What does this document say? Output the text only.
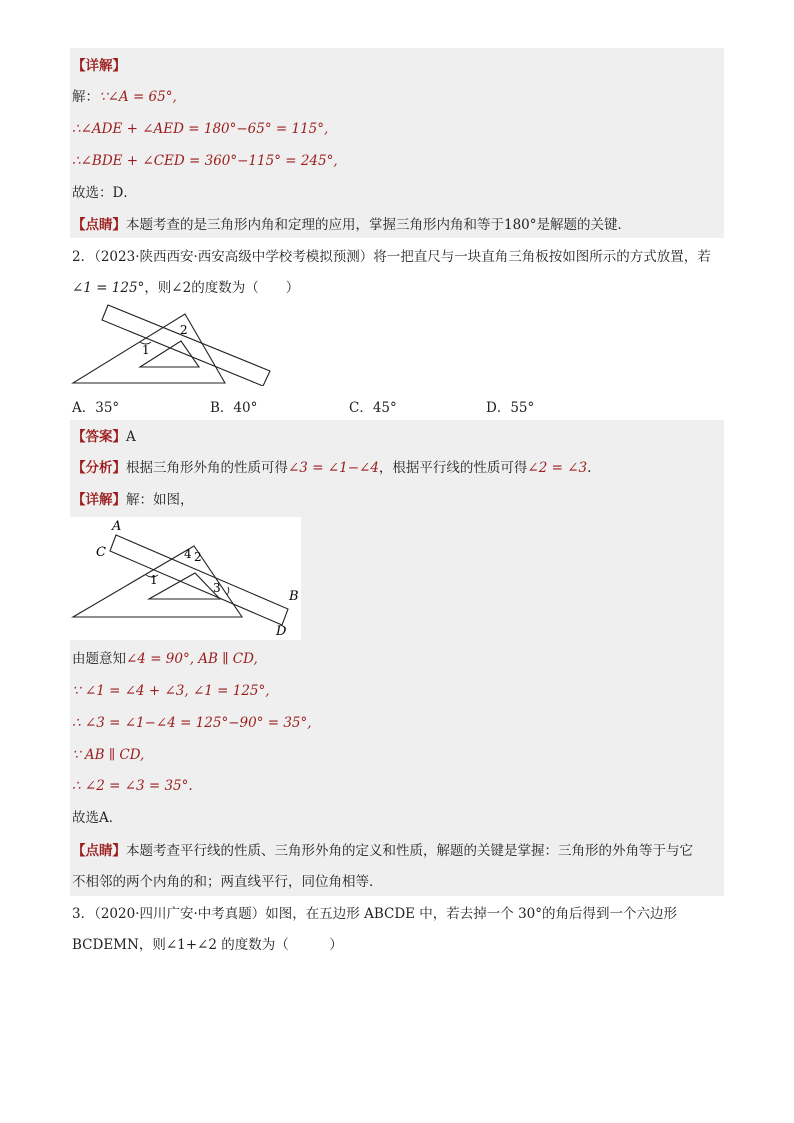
【详解】
解：∵∠A = 65°,
∴∠ADE + ∠AED = 180°−65° = 115°,
∴∠BDE + ∠CED = 360°−115° = 245°,
故选：D．
【点睛】本题考查的是三角形内角和定理的应用，掌握三角形内角和等于180°是解题的关键．
2．（2023·陕西西安·西安高级中学校考模拟预测）将一把直尺与一块直角三角板按如图所示的方式放置，若
∠1 = 125°，则∠2的度数为（　　）
1
2
A．35°	B．40°	C．45°	D．55°
【答案】A
【分析】根据三角形外角的性质可得∠3 = ∠1−∠4，根据平行线的性质可得∠2 = ∠3.
【详解】解：如图，
A
C
B
D
1
4 2
3
由题意知∠4 = 90°, AB ∥ CD,
∵ ∠1 = ∠4 + ∠3, ∠1 = 125°,
∴ ∠3 = ∠1−∠4 = 125°−90° = 35°,
∵ AB ∥ CD,
∴ ∠2 = ∠3 = 35°.
故选A．
【点睛】本题考查平行线的性质、三角形外角的定义和性质，解题的关键是掌握：三角形的外角等于与它
不相邻的两个内角的和；两直线平行，同位角相等．
3．（2020·四川广安·中考真题）如图，在五边形 ABCDE 中，若去掉一个 30°的角后得到一个六边形
BCDEMN，则∠1+∠2 的度数为（　　　）
